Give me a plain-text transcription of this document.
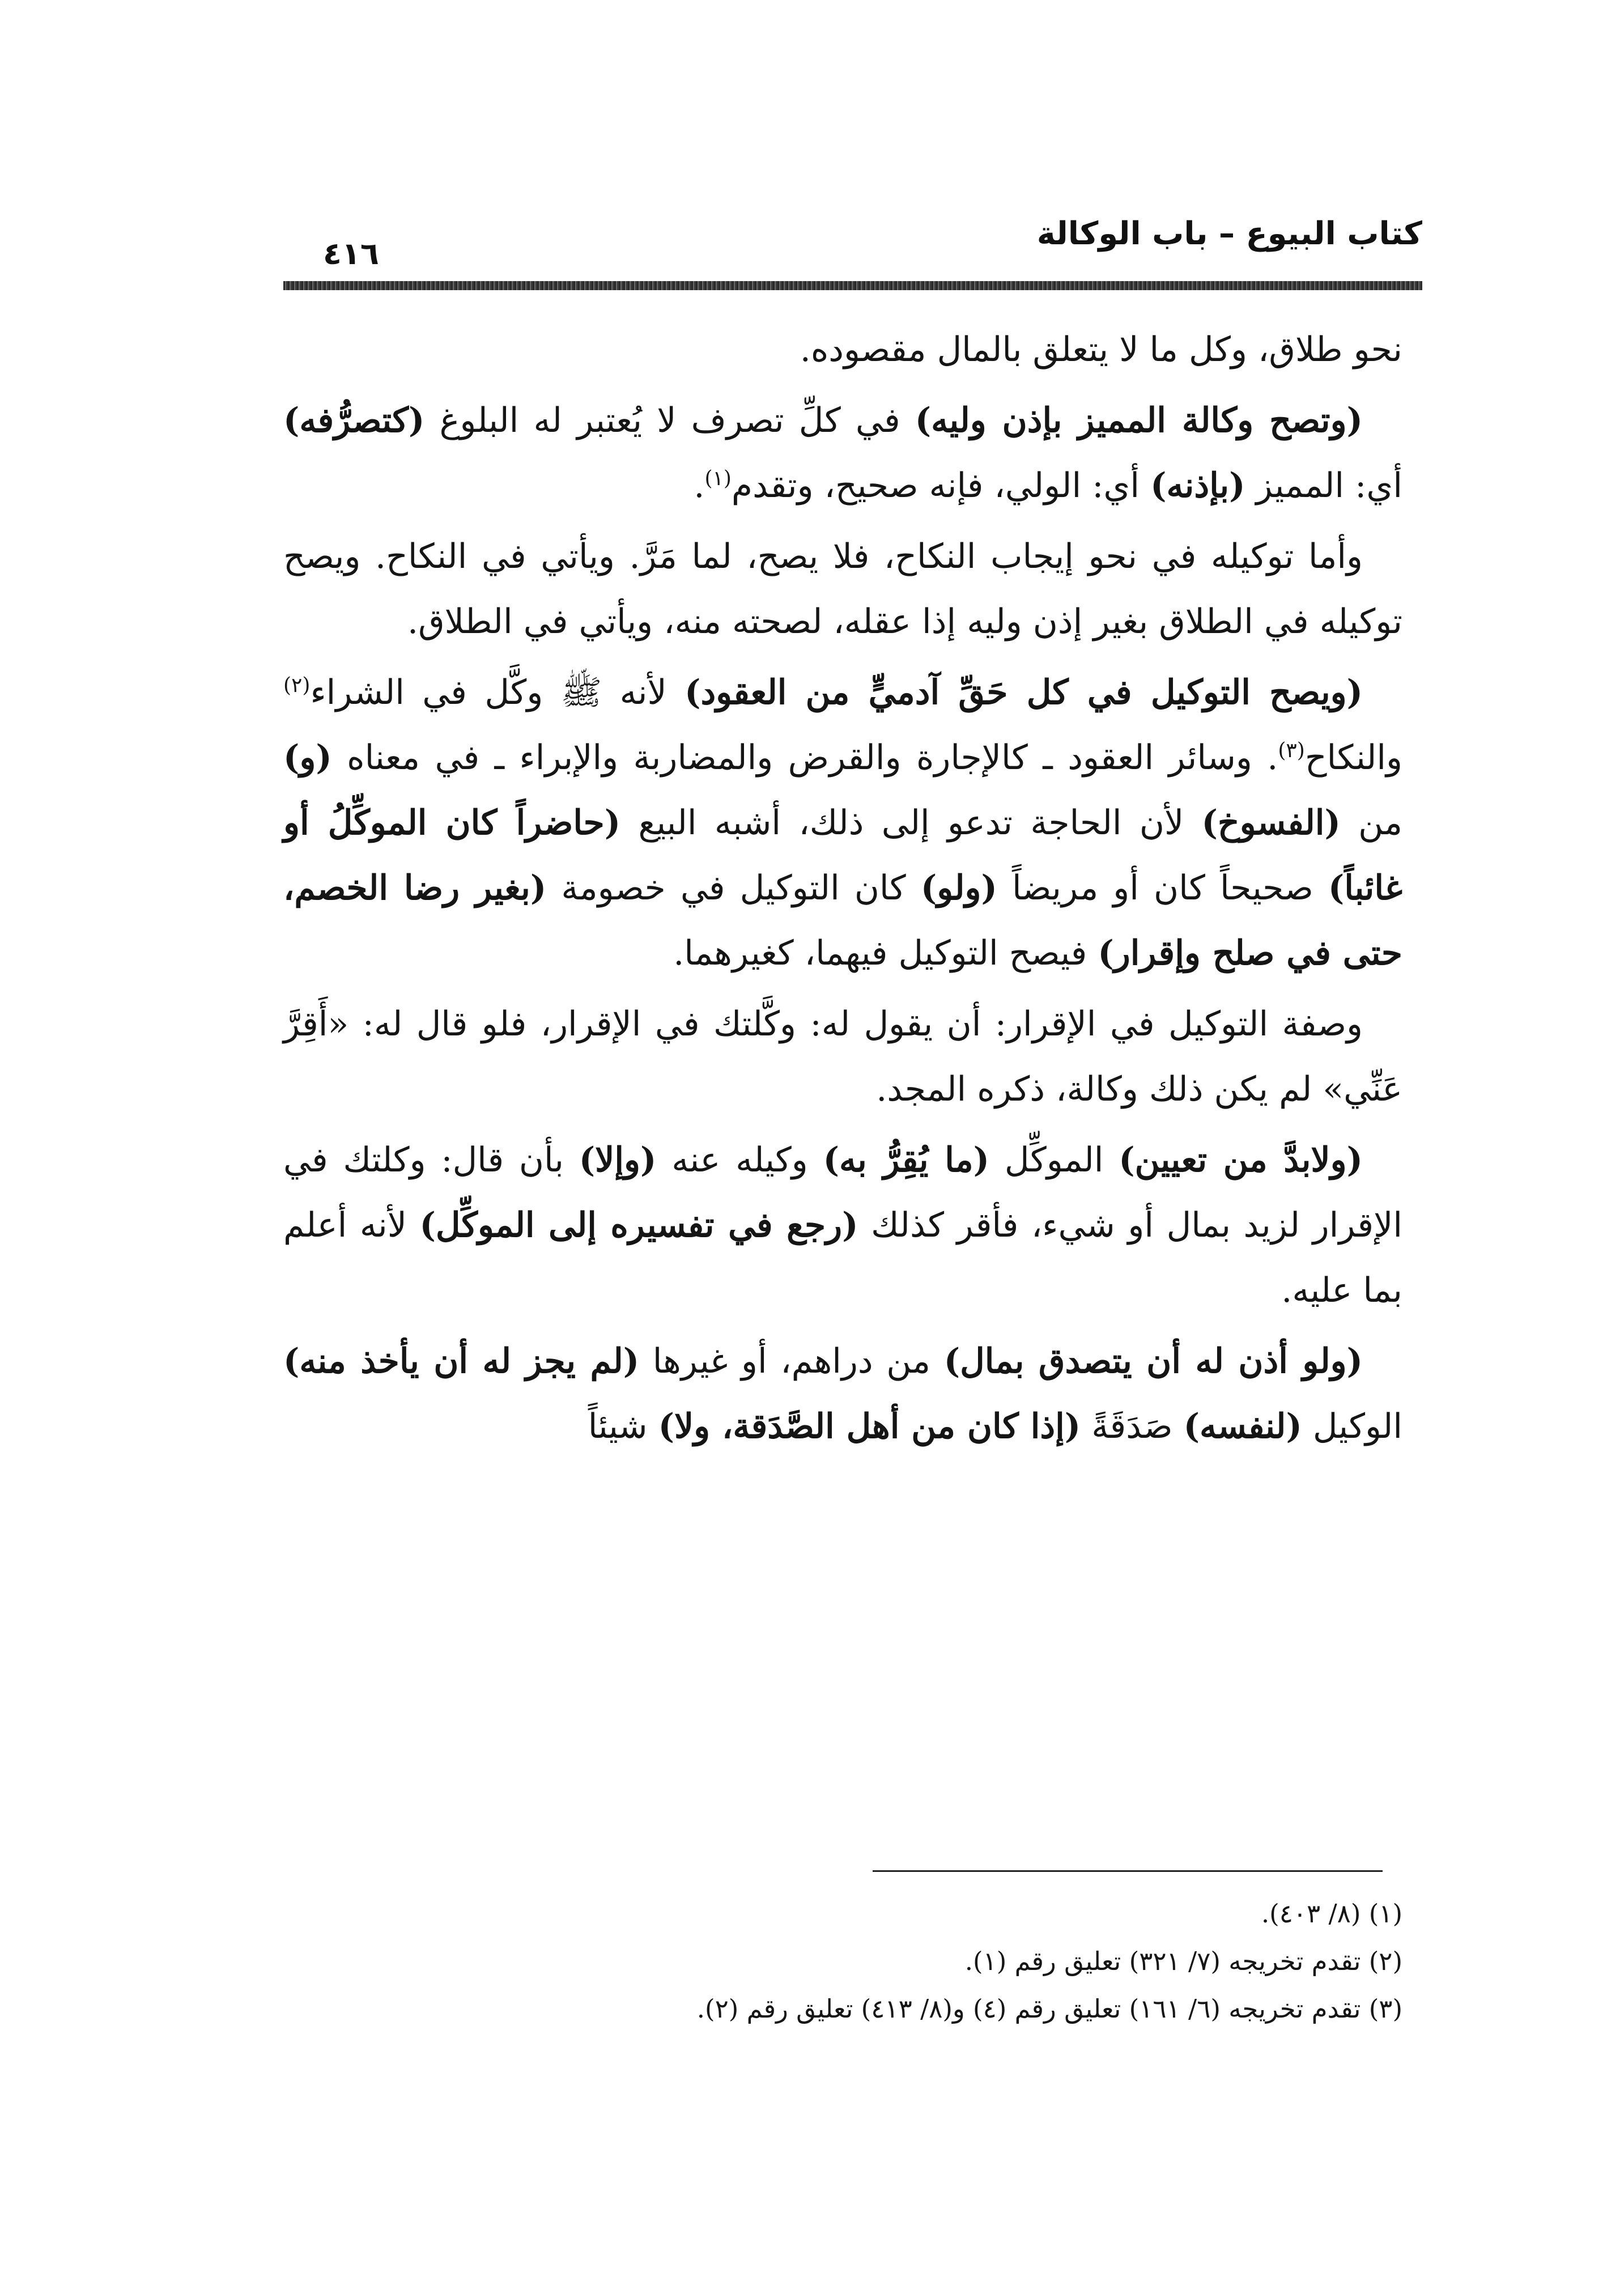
كتاب البيوع – باب الوكالة
٤١٦

نحو طلاق، وكل ما لا يتعلق بالمال مقصوده.

(وتصح وكالة المميز بإذن وليه) في كلِّ تصرف لا يُعتبر له البلوغ (كتصرُّفه) أي: المميز (بإذنه) أي: الولي، فإنه صحيح، وتقدم$^{(١)}$.

وأما توكيله في نحو إيجاب النكاح، فلا يصح، لما مَرَّ. ويأتي في النكاح. ويصح توكيله في الطلاق بغير إذن وليه إذا عقله، لصحته منه، ويأتي في الطلاق.

(ويصح التوكيل في كل حَقِّ آدميٍّ من العقود) لأنه ﷺ وكَّل في الشراء$^{(٢)}$ والنكاح$^{(٣)}$. وسائر العقود ـ كالإجارة والقرض والمضاربة والإبراء ـ في معناه (و) من (الفسوخ) لأن الحاجة تدعو إلى ذلك، أشبه البيع (حاضراً كان الموكِّلُ أو غائباً) صحيحاً كان أو مريضاً (ولو) كان التوكيل في خصومة (بغير رضا الخصم، حتى في صلح وإقرار) فيصح التوكيل فيهما، كغيرهما.

وصفة التوكيل في الإقرار: أن يقول له: وكَّلتك في الإقرار، فلو قال له: «أَقِرَّ عَنِّي» لم يكن ذلك وكالة، ذكره المجد.

(ولابدَّ من تعيين) الموكِّل (ما يُقِرُّ به) وكيله عنه (وإلا) بأن قال: وكلتك في الإقرار لزيد بمال أو شيء، فأقر كذلك (رجع في تفسيره إلى الموكِّل) لأنه أعلم بما عليه.

(ولو أذن له أن يتصدق بمال) من دراهم، أو غيرها (لم يجز له أن يأخذ منه) الوكيل (لنفسه) صَدَقَةً (إذا كان من أهل الصَّدَقة، ولا) شيئاً

(١) (٨/ ٤٠٣).

(٢) تقدم تخريجه (٧/ ٣٢١) تعليق رقم (١).

(٣) تقدم تخريجه (٦/ ١٦١) تعليق رقم (٤) و(٨/ ٤١٣) تعليق رقم (٢).
